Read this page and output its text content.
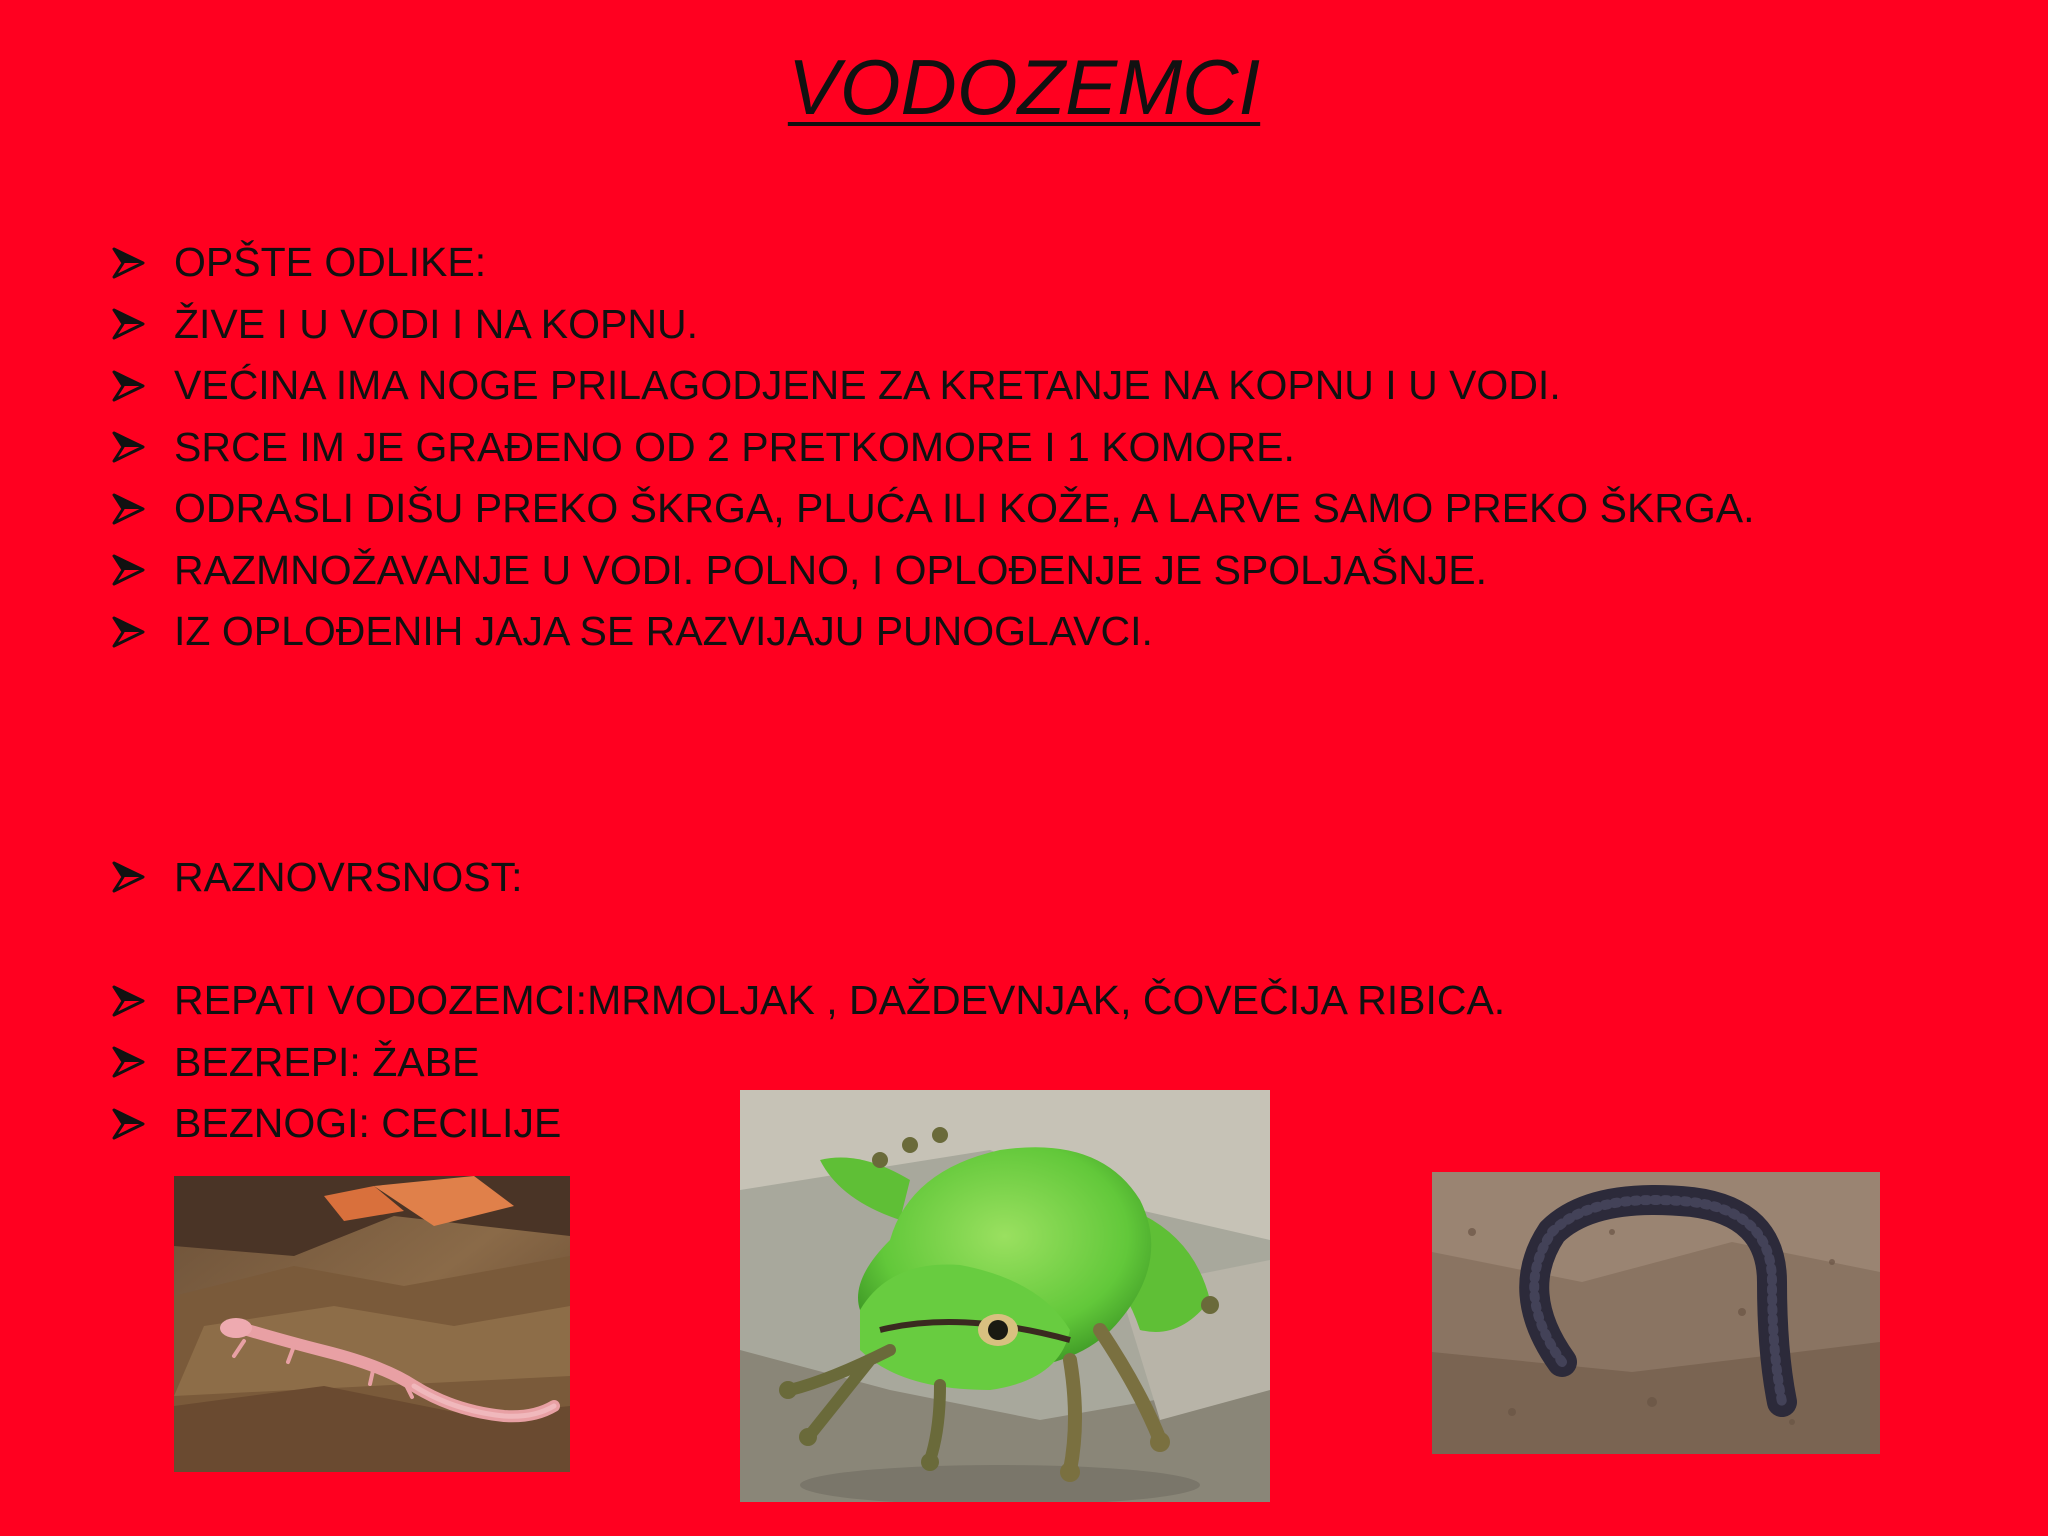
VODOZEMCI
OPŠTE ODLIKE:
ŽIVE I U VODI I NA KOPNU.
VEĆINA IMA NOGE PRILAGODJENE ZA KRETANJE NA KOPNU I U VODI.
SRCE IM JE GRAĐENO OD 2 PRETKOMORE I 1 KOMORE.
ODRASLI DIŠU PREKO ŠKRGA, PLUĆA ILI KOŽE, A LARVE SAMO PREKO ŠKRGA.
RAZMNOŽAVANJE U VODI. POLNO, I OPLOĐENJE JE SPOLJAŠNJE.
IZ OPLOĐENIH JAJA SE RAZVIJAJU PUNOGLAVCI.
RAZNOVRSNOST:
REPATI VODOZEMCI:MRMOLJAK , DAŽDEVNJAK, ČOVEČIJA RIBICA.
BEZREPI: ŽABE
BEZNOGI: CECILIJE
